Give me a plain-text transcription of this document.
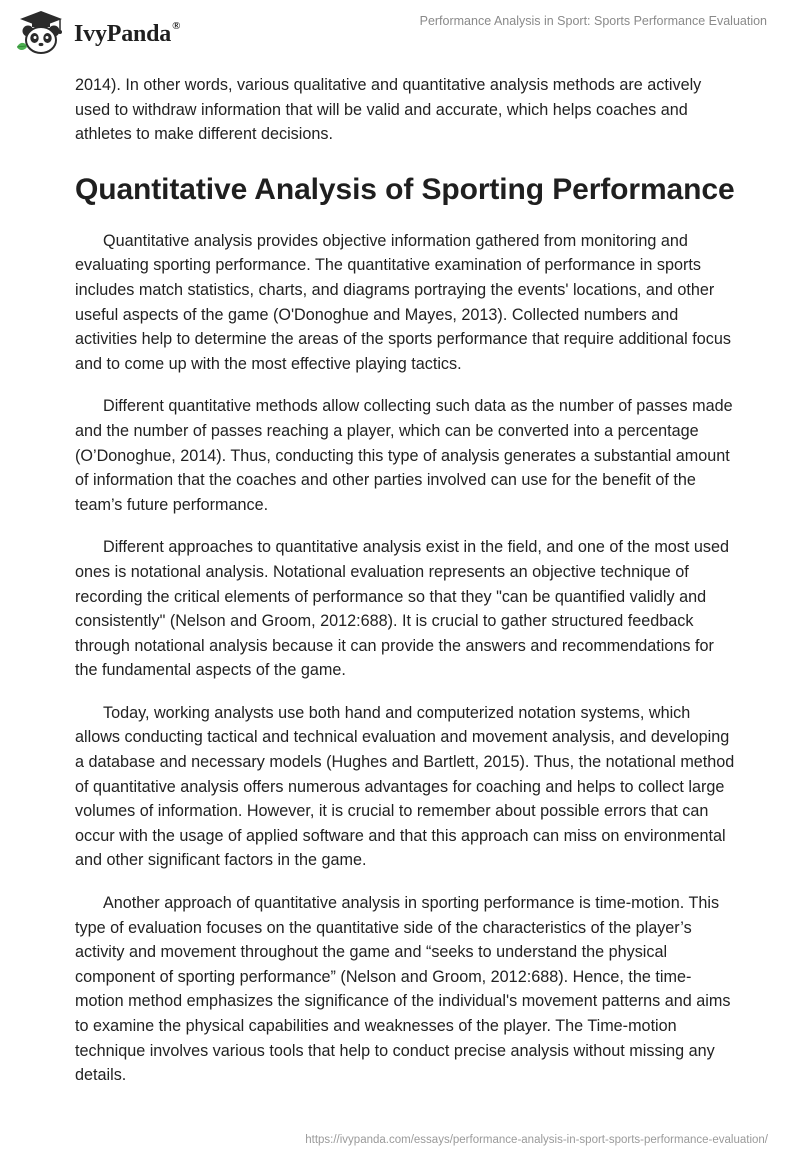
IvyPanda®	Performance Analysis in Sport: Sports Performance Evaluation

2014). In other words, various qualitative and quantitative analysis methods are actively used to withdraw information that will be valid and accurate, which helps coaches and athletes to make different decisions.

Quantitative Analysis of Sporting Performance

Quantitative analysis provides objective information gathered from monitoring and evaluating sporting performance. The quantitative examination of performance in sports includes match statistics, charts, and diagrams portraying the events' locations, and other useful aspects of the game (O'Donoghue and Mayes, 2013). Collected numbers and activities help to determine the areas of the sports performance that require additional focus and to come up with the most effective playing tactics.

Different quantitative methods allow collecting such data as the number of passes made and the number of passes reaching a player, which can be converted into a percentage (O’Donoghue, 2014). Thus, conducting this type of analysis generates a substantial amount of information that the coaches and other parties involved can use for the benefit of the team’s future performance.

Different approaches to quantitative analysis exist in the field, and one of the most used ones is notational analysis. Notational evaluation represents an objective technique of recording the critical elements of performance so that they "can be quantified validly and consistently" (Nelson and Groom, 2012:688). It is crucial to gather structured feedback through notational analysis because it can provide the answers and recommendations for the fundamental aspects of the game.

Today, working analysts use both hand and computerized notation systems, which allows conducting tactical and technical evaluation and movement analysis, and developing a database and necessary models (Hughes and Bartlett, 2015). Thus, the notational method of quantitative analysis offers numerous advantages for coaching and helps to collect large volumes of information. However, it is crucial to remember about possible errors that can occur with the usage of applied software and that this approach can miss on environmental and other significant factors in the game.

Another approach of quantitative analysis in sporting performance is time-motion. This type of evaluation focuses on the quantitative side of the characteristics of the player’s activity and movement throughout the game and “seeks to understand the physical component of sporting performance” (Nelson and Groom, 2012:688). Hence, the time-motion method emphasizes the significance of the individual's movement patterns and aims to examine the physical capabilities and weaknesses of the player. The Time-motion technique involves various tools that help to conduct precise analysis without missing any details.

https://ivypanda.com/essays/performance-analysis-in-sport-sports-performance-evaluation/
